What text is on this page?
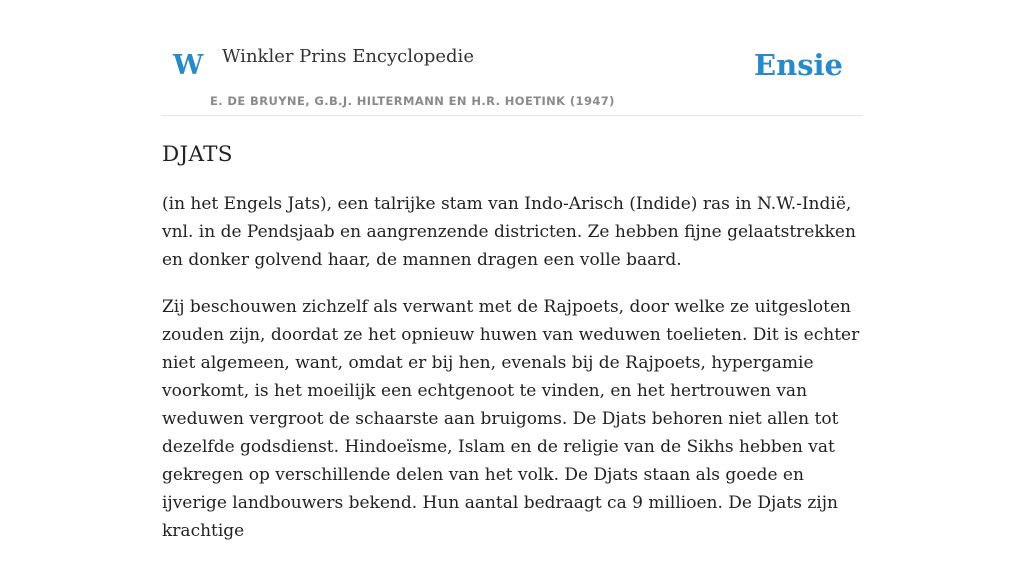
W Winkler Prins Encyclopedie
E. DE BRUYNE, G.B.J. HILTERMANN EN H.R. HOETINK (1947)
Ensie
DJATS

(in het Engels Jats), een talrijke stam van Indo-Arisch (Indide) ras in N.W.-Indië, vnl. in de Pendsjaab en aangrenzende districten. Ze hebben fijne gelaatstrekken en donker golvend haar, de mannen dragen een volle baard.

Zij beschouwen zichzelf als verwant met de Rajpoets, door welke ze uitgesloten zouden zijn, doordat ze het opnieuw huwen van weduwen toelieten. Dit is echter niet algemeen, want, omdat er bij hen, evenals bij de Rajpoets, hypergamie voorkomt, is het moeilijk een echtgenoot te vinden, en het hertrouwen van weduwen vergroot de schaarste aan bruigoms. De Djats behoren niet allen tot dezelfde godsdienst. Hindoeïsme, Islam en de religie van de Sikhs hebben vat gekregen op verschillende delen van het volk. De Djats staan als goede en ijverige landbouwers bekend. Hun aantal bedraagt ca 9 millioen. De Djats zijn krachtige
